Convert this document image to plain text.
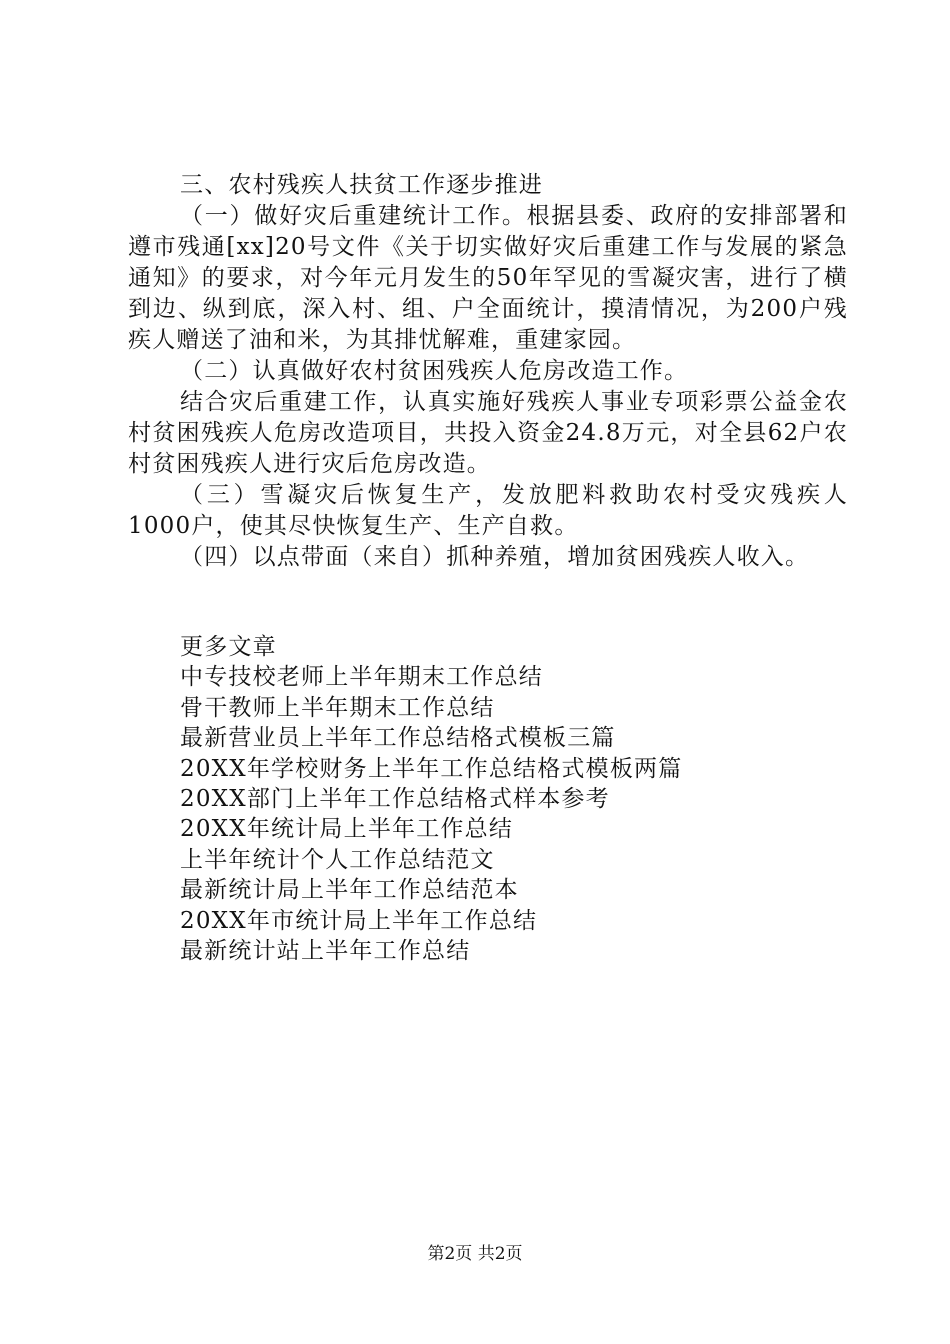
三、农村残疾人扶贫工作逐步推进

（一）做好灾后重建统计工作。根据县委、政府的安排部署和遵市残通[xx]20号文件《关于切实做好灾后重建工作与发展的紧急通知》的要求，对今年元月发生的50年罕见的雪凝灾害，进行了横到边、纵到底，深入村、组、户全面统计，摸清情况，为200户残疾人赠送了油和米，为其排忧解难，重建家园。

（二）认真做好农村贫困残疾人危房改造工作。

结合灾后重建工作，认真实施好残疾人事业专项彩票公益金农村贫困残疾人危房改造项目，共投入资金24.8万元，对全县62户农村贫困残疾人进行灾后危房改造。

（三）雪凝灾后恢复生产，发放肥料救助农村受灾残疾人1000户，使其尽快恢复生产、生产自救。

（四）以点带面（来自）抓种养殖，增加贫困残疾人收入。

更多文章

中专技校老师上半年期末工作总结
骨干教师上半年期末工作总结
最新营业员上半年工作总结格式模板三篇
20XX年学校财务上半年工作总结格式模板两篇
20XX部门上半年工作总结格式样本参考
20XX年统计局上半年工作总结
上半年统计个人工作总结范文
最新统计局上半年工作总结范本
20XX年市统计局上半年工作总结
最新统计站上半年工作总结
第2页 共2页
